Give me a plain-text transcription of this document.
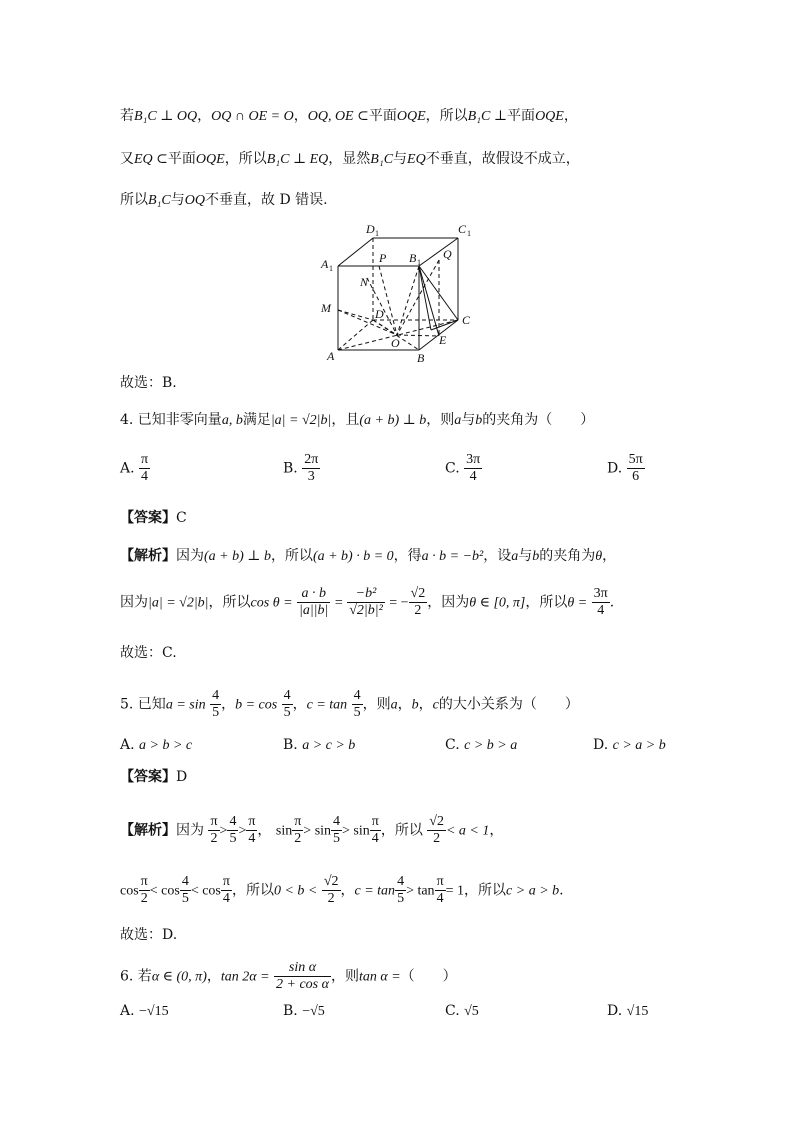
若B₁C ⊥ OQ，OQ ∩ OE = O，OQ, OE ⊂平面OQE，所以B₁C ⊥平面OQE，
又EQ ⊂平面OQE，所以B₁C ⊥ EQ，显然B₁C与EQ不垂直，故假设不成立，
所以B₁C与OQ不垂直，故 D 错误.
D 1	C 1
A 1
P B 1
Q
N
M	D	C
O	E
A	B
故选：B.
4. 已知非零向量a, b满足|a| = √2|b|，且(a + b) ⊥ b，则a与b的夹角为（　　）
A. $\frac{\pi}{4}$	B. $\frac{2\pi}{3}$	C. $\frac{3\pi}{4}$	D. $\frac{5\pi}{6}$
【答案】C
【解析】因为(a + b) ⊥ b，所以(a + b) · b = 0，得a · b = −b²，设a与b的夹角为θ，
因为|a| = √2|b|，所以$\cos \theta = \frac{a \cdot b}{|a||b|} = \frac{\text{−b²}}{\text{√2|b|²}}$ = − $\frac{√2}{2}$ ，因为θ ∈ [0, π]，所以$\theta = \frac{3\pi}{4}$ .
故选：C.
5. 已知$a = \sin \frac{4}{5}$ ，$b = \cos \frac{4}{5}$ ，$c = \tan \frac{4}{5}$ ，则a，b，c的大小关系为（　　）
A. a > b > c	B. a > c > b	C. c > b > a	D. c > a > b
【答案】D
【解析】因为 $\frac{\pi}{2} > \frac{4}{5} > \frac{\pi}{4}$ ， $\sin \frac{\pi}{2} > \sin \frac{4}{5} > \sin \frac{\pi}{4}$ ，所以 $\frac{√2}{2} < a < 1$，
$\cos \frac{\pi}{2} < \cos \frac{4}{5} < \cos \frac{\pi}{4}$ ，所以$0 < b < \frac{√2}{2}$ ，$c = \tan \frac{4}{5} > \tan \frac{\pi}{4} = 1$，所以c > a > b.
故选：D.
6. 若α ∈ (0, π)，$\tan 2\alpha = \frac{\text{sin α}}{\text{2 + cos α}}$ ，则tan α =（　　）
A. −√15	B. −√5	C. √5	D. √15
